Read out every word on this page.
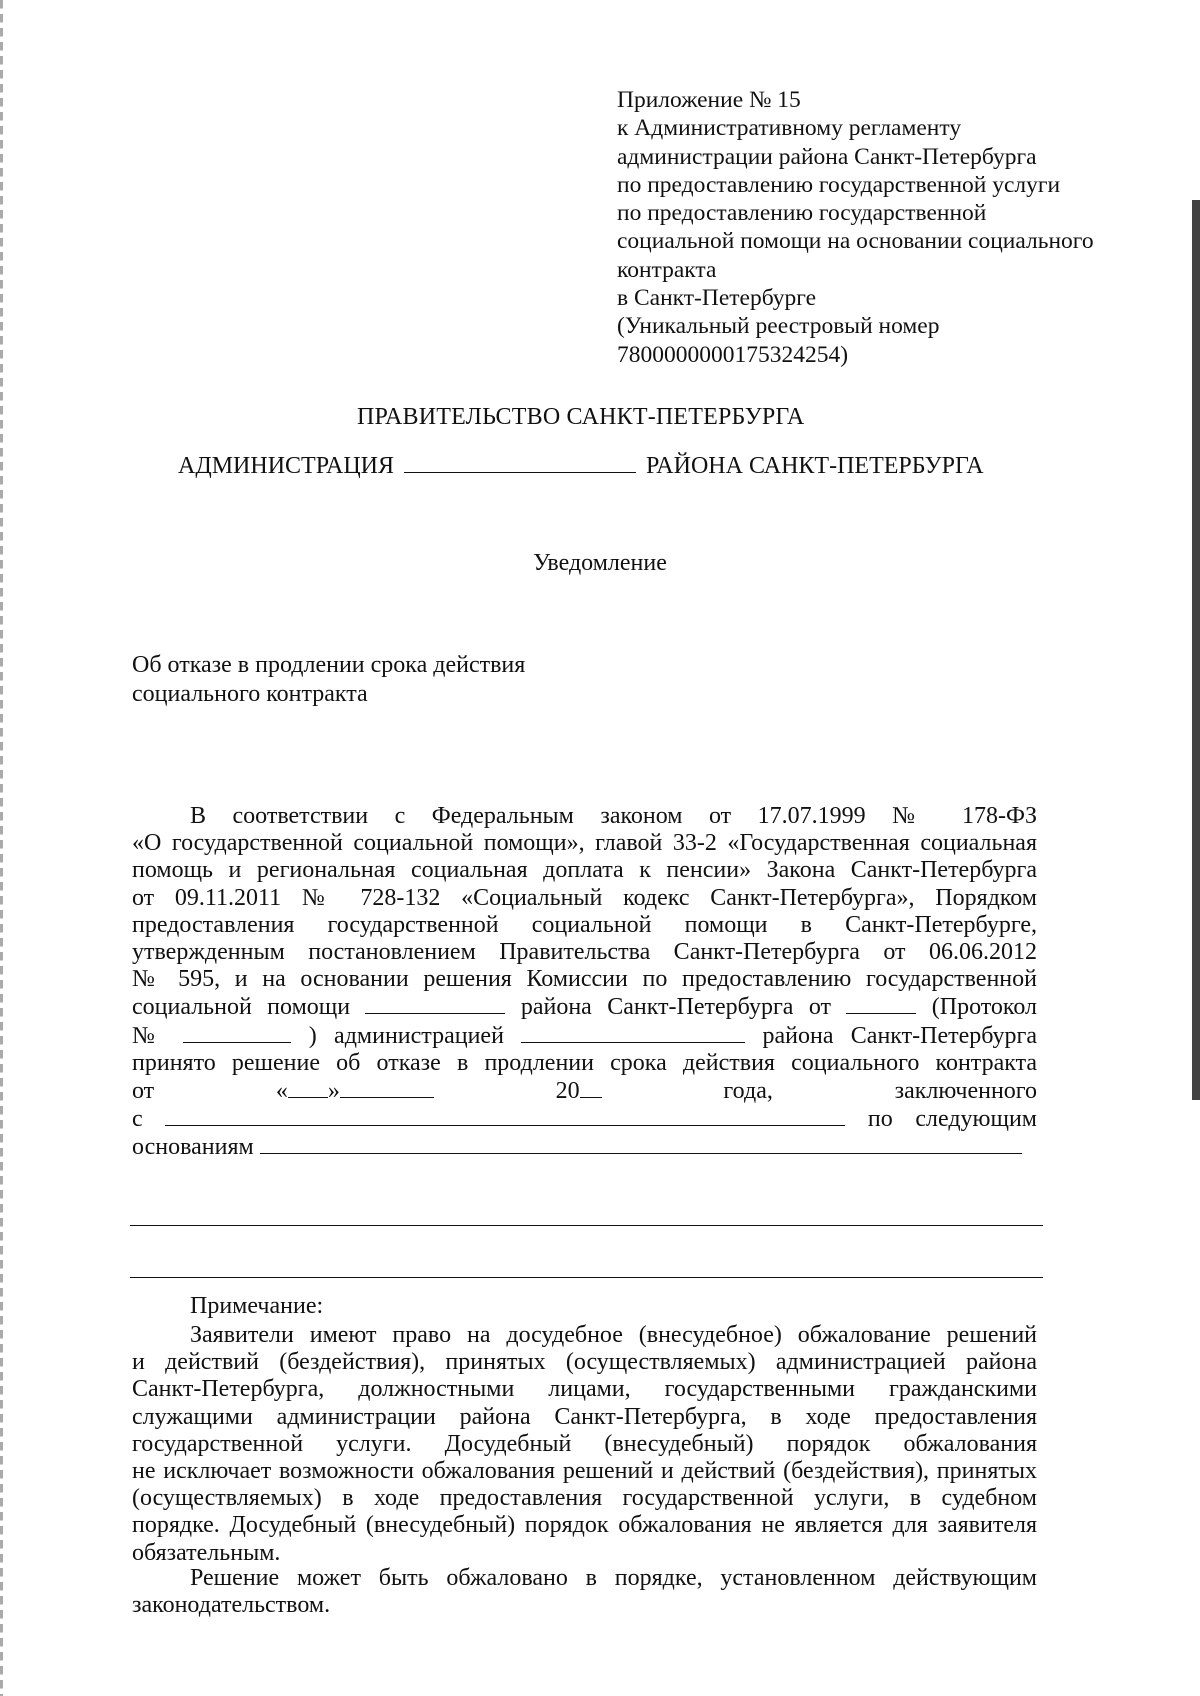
Приложение № 15
к Административному регламенту
администрации района Санкт-Петербурга
по предоставлению государственной услуги
по предоставлению государственной
социальной помощи на основании социального
контракта
в Санкт-Петербурге
(Уникальный реестровый номер
7800000000175324254)
ПРАВИТЕЛЬСТВО САНКТ-ПЕТЕРБУРГА
АДМИНИСТРАЦИЯ	РАЙОНА САНКТ-ПЕТЕРБУРГА
Уведомление
Об отказе в продлении срока действия
социального контракта
В соответствии с Федеральным законом от 17.07.1999 № 178-ФЗ
«О государственной социальной помощи», главой 33-2 «Государственная социальная
помощь и региональная социальная доплата к пенсии» Закона Санкт-Петербурга
от 09.11.2011 № 728-132 «Социальный кодекс Санкт-Петербурга», Порядком
предоставления государственной социальной помощи в Санкт-Петербурге,
утвержденным постановлением Правительства Санкт-Петербурга от 06.06.2012
№ 595, и на основании решения Комиссии по предоставлению государственной
социальной помощи	района Санкт-Петербурга от	(Протокол
№	) администрацией	района Санкт-Петербурга
принято решение об отказе в продлении срока действия социального контракта
от	« »	20	года,	заключенного
с	по следующим
основаниям
Примечание:
Заявители имеют право на досудебное (внесудебное) обжалование решений
и действий (бездействия), принятых (осуществляемых) администрацией района
Санкт-Петербурга, должностными лицами, государственными гражданскими
служащими администрации района Санкт-Петербурга, в ходе предоставления
государственной услуги. Досудебный (внесудебный) порядок обжалования
не исключает возможности обжалования решений и действий (бездействия), принятых
(осуществляемых) в ходе предоставления государственной услуги, в судебном
порядке. Досудебный (внесудебный) порядок обжалования не является для заявителя
обязательным.
Решение может быть обжаловано в порядке, установленном действующим
законодательством.
